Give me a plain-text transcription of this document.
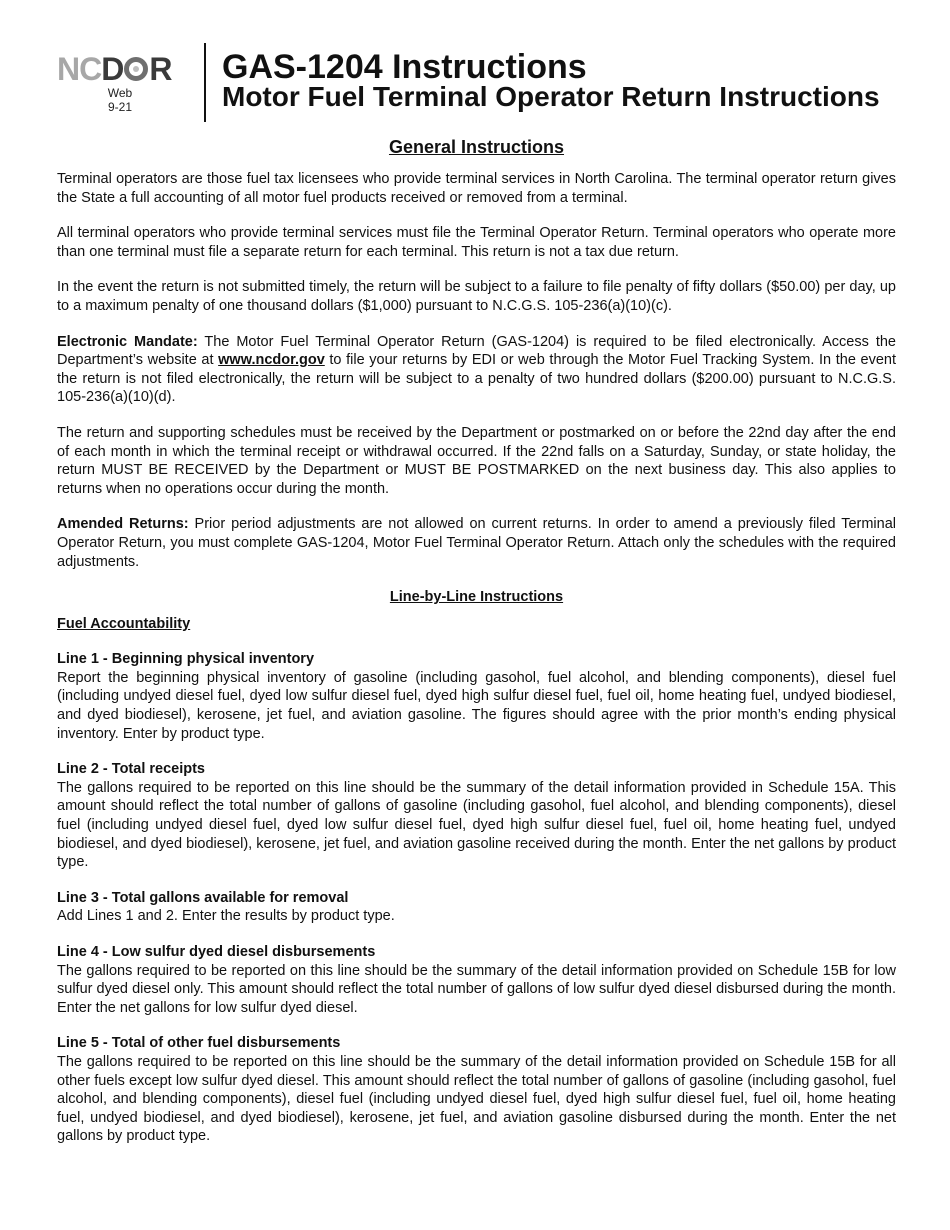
NCD R
Web
9-21
GAS-1204 Instructions
Motor Fuel Terminal Operator Return Instructions
General Instructions

Terminal operators are those fuel tax licensees who provide terminal services in North Carolina. The terminal operator return gives the State a full accounting of all motor fuel products received or removed from a terminal.

All terminal operators who provide terminal services must file the Terminal Operator Return. Terminal operators who operate more than one terminal must file a separate return for each terminal. This return is not a tax due return.

In the event the return is not submitted timely, the return will be subject to a failure to file penalty of fifty dollars ($50.00) per day, up to a maximum penalty of one thousand dollars ($1,000) pursuant to N.C.G.S. 105-236(a)(10)(c).

Electronic Mandate: The Motor Fuel Terminal Operator Return (GAS-1204) is required to be filed electronically. Access the Department’s website at www.ncdor.gov to file your returns by EDI or web through the Motor Fuel Tracking System. In the event the return is not filed electronically, the return will be subject to a penalty of two hundred dollars ($200.00) pursuant to N.C.G.S. 105-236(a)(10)(d).

The return and supporting schedules must be received by the Department or postmarked on or before the 22nd day after the end of each month in which the terminal receipt or withdrawal occurred. If the 22nd falls on a Saturday, Sunday, or state holiday, the return MUST BE RECEIVED by the Department or MUST BE POSTMARKED on the next business day. This also applies to returns when no operations occur during the month.

Amended Returns: Prior period adjustments are not allowed on current returns. In order to amend a previously filed Terminal Operator Return, you must complete GAS-1204, Motor Fuel Terminal Operator Return. Attach only the schedules with the required adjustments.

Line-by-Line Instructions
Fuel Accountability
Line 1 - Beginning physical inventory
Report the beginning physical inventory of gasoline (including gasohol, fuel alcohol, and blending components), diesel fuel (including undyed diesel fuel, dyed low sulfur diesel fuel, dyed high sulfur diesel fuel, fuel oil, home heating fuel, undyed biodiesel, and dyed biodiesel), kerosene, jet fuel, and aviation gasoline. The figures should agree with the prior month’s ending physical inventory. Enter by product type.
Line 2 - Total receipts
The gallons required to be reported on this line should be the summary of the detail information provided in Schedule 15A. This amount should reflect the total number of gallons of gasoline (including gasohol, fuel alcohol, and blending components), diesel fuel (including undyed diesel fuel, dyed low sulfur diesel fuel, dyed high sulfur diesel fuel, fuel oil, home heating fuel, undyed biodiesel, and dyed biodiesel), kerosene, jet fuel, and aviation gasoline received during the month. Enter the net gallons by product type.
Line 3 - Total gallons available for removal
Add Lines 1 and 2. Enter the results by product type.
Line 4 - Low sulfur dyed diesel disbursements
The gallons required to be reported on this line should be the summary of the detail information provided on Schedule 15B for low sulfur dyed diesel only. This amount should reflect the total number of gallons of low sulfur dyed diesel disbursed during the month. Enter the net gallons for low sulfur dyed diesel.
Line 5 - Total of other fuel disbursements
The gallons required to be reported on this line should be the summary of the detail information provided on Schedule 15B for all other fuels except low sulfur dyed diesel. This amount should reflect the total number of gallons of gasoline (including gasohol, fuel alcohol, and blending components), diesel fuel (including undyed diesel fuel, dyed high sulfur diesel fuel, fuel oil, home heating fuel, undyed biodiesel, and dyed biodiesel), kerosene, jet fuel, and aviation gasoline disbursed during the month. Enter the net gallons by product type.
